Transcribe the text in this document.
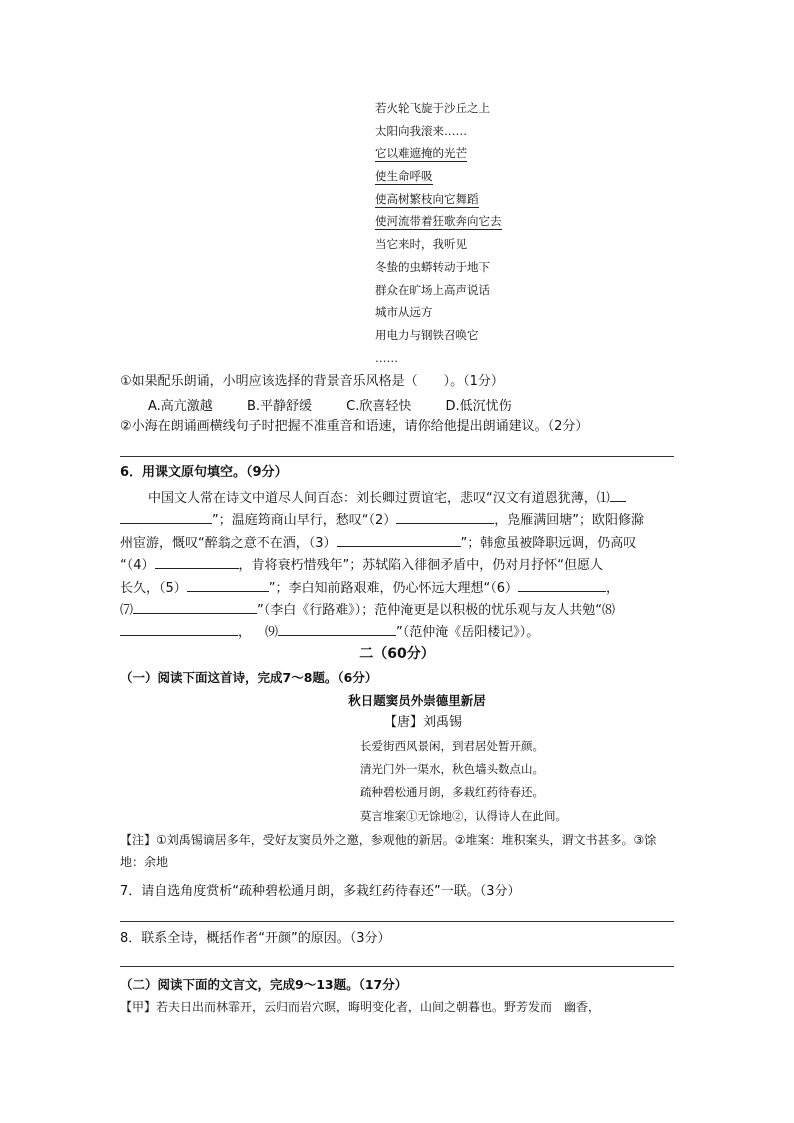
若火轮飞旋于沙丘之上
太阳向我滚来……
它以难遮掩的光芒
使生命呼吸
使高树繁枝向它舞蹈
使河流带着狂歌奔向它去
当它来时，我听见
冬蛰的虫蟒转动于地下
群众在旷场上高声说话
城市从远方
用电力与钢铁召唤它
……
①如果配乐朗诵，小明应该选择的背景音乐风格是（　　）。（1分）
A.高亢激越	B.平静舒缓	C.欣喜轻快	D.低沉忧伤
②小海在朗诵画横线句子时把握不准重音和语速，请你给他提出朗诵建议。（2分）
6．用课文原句填空。（9分）
中国文人常在诗文中道尽人间百态：刘长卿过贾谊宅，悲叹“汉文有道恩犹薄，⑴
”；温庭筠商山早行，愁叹“（2）	，凫雁满回塘”；欧阳修滁
州宦游，慨叹“醉翁之意不在酒，（3）	”；韩愈虽被降职远调，仍高叹
“（4）	，肯将衰朽惜残年”；苏轼陷入徘徊矛盾中，仍对月抒怀“但愿人
长久，（5）	”；李白知前路艰难，仍心怀远大理想“（6）	，
⑺	”（李白《行路难》）；范仲淹更是以积极的忧乐观与友人共勉“⑻
， ⑼	”（范仲淹《岳阳楼记》）。
二（60分）
（一）阅读下面这首诗，完成7～8题。（6分）
秋日题窦员外崇德里新居
【唐】刘禹锡
长爱街西风景闲，到君居处暂开颜。
清光门外一渠水，秋色墙头数点山。
疏种碧松通月朗，多栽红药待春还。
莫言堆案①无馀地②，认得诗人在此间。
【注】①刘禹锡谪居多年，受好友窦员外之邀，参观他的新居。②堆案：堆积案头，谓文书甚多。③馀
地：余地
7．请自选角度赏析“疏种碧松通月朗，多栽红药待春还”一联。（3分）
8．联系全诗，概括作者“开颜”的原因。（3分）
（二）阅读下面的文言文，完成9～13题。（17分）
【甲】若夫日出而林霏开，云归而岩穴暝，晦明变化者，山间之朝暮也。野芳发而　幽香，
